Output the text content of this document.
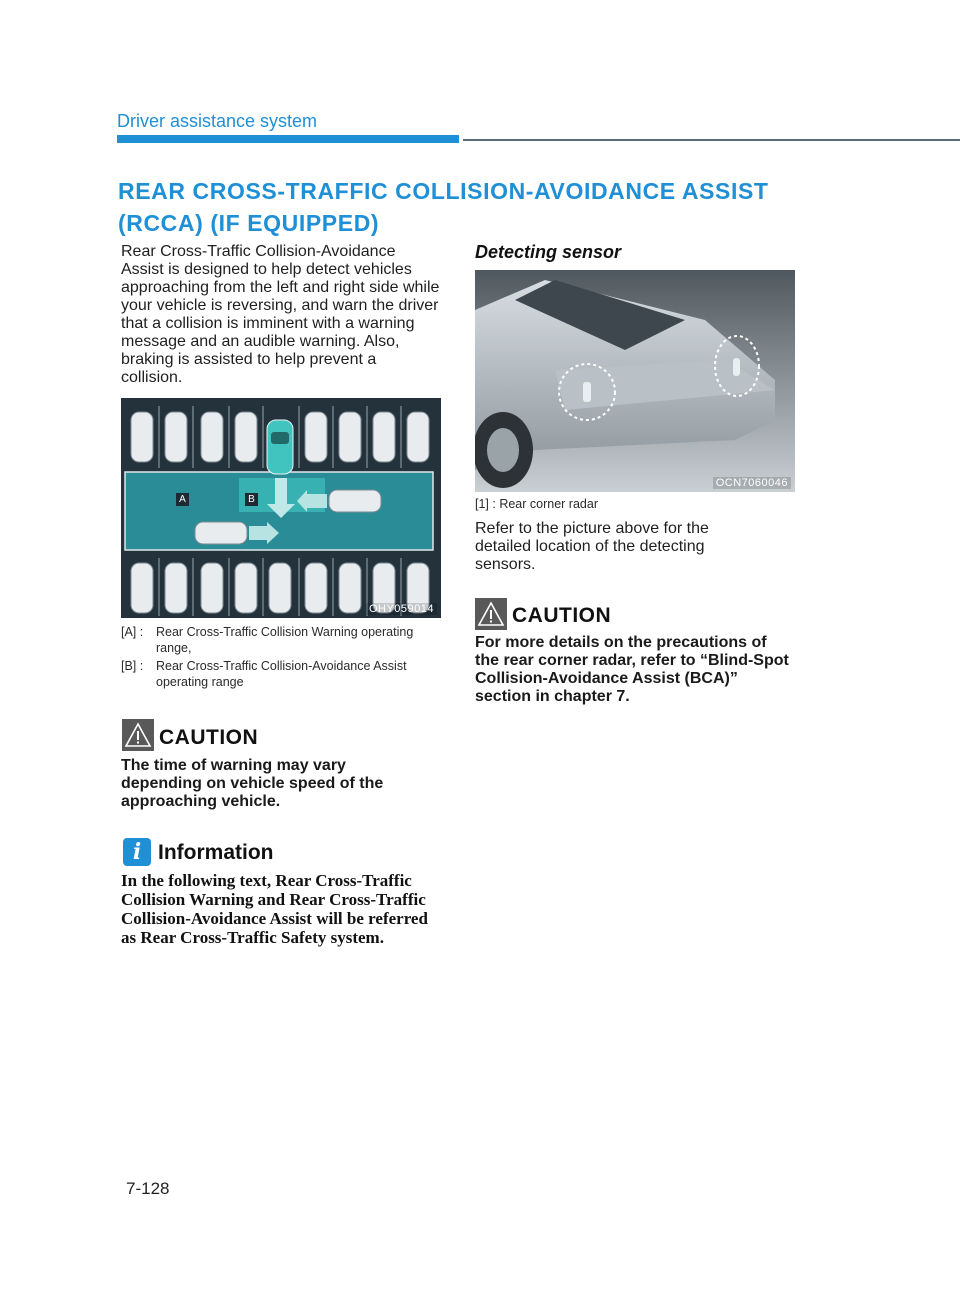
Driver assistance system
REAR CROSS-TRAFFIC COLLISION-AVOIDANCE ASSIST (RCCA) (IF EQUIPPED)
Rear Cross-Traffic Collision-Avoidance Assist is designed to help detect vehicles approaching from the left and right side while your vehicle is reversing, and warn the driver that a collision is imminent with a warning message and an audible warning. Also, braking is assisted to help prevent a collision.
A	B
OHY059014
[A] :	Rear Cross-Traffic Collision Warning operating range,
[B] :	Rear Cross-Traffic Collision-Avoidance Assist operating range
CAUTION
The time of warning may vary depending on vehicle speed of the approaching vehicle.
i Information
In the following text, Rear Cross-Traffic Collision Warning and Rear Cross-Traffic Collision-Avoidance Assist will be referred as Rear Cross-Traffic Safety system.
Detecting sensor
OCN7060046
[1] : Rear corner radar
Refer to the picture above for the detailed location of the detecting sensors.
CAUTION
For more details on the precautions of the rear corner radar, refer to “Blind-Spot Collision-Avoidance Assist (BCA)” section in chapter 7.
7-128
